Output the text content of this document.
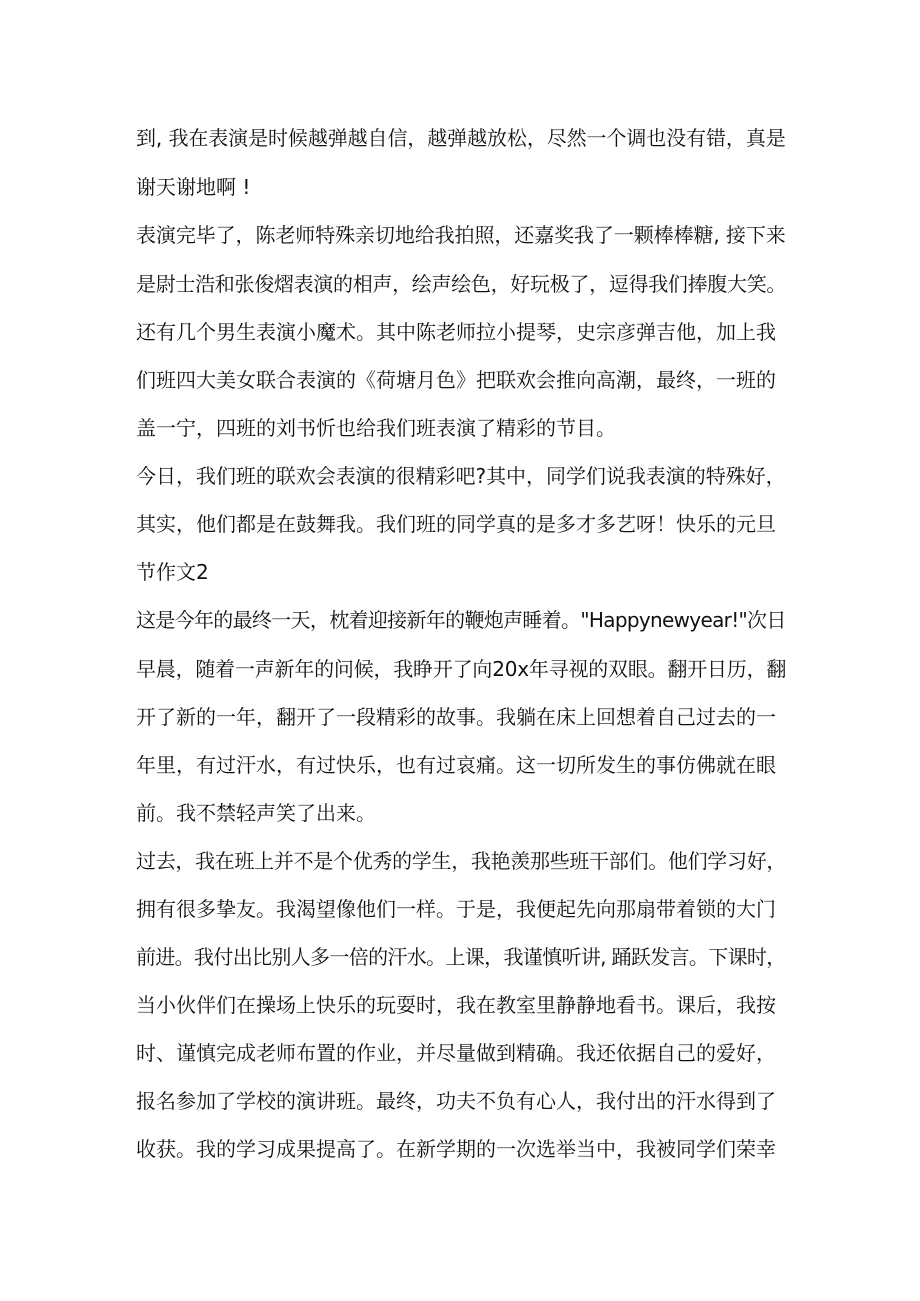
到, 我在表演是时候越弹越自信，越弹越放松，尽然一个调也没有错，真是

谢天谢地啊 !

表演完毕了，陈老师特殊亲切地给我拍照，还嘉奖我了一颗棒棒糖, 接下来

是尉士浩和张俊熠表演的相声，绘声绘色，好玩极了，逗得我们捧腹大笑。

还有几个男生表演小魔术。其中陈老师拉小提琴，史宗彦弹吉他，加上我

们班四大美女联合表演的《荷塘月色》把联欢会推向高潮，最终，一班的

盖一宁，四班的刘书忻也给我们班表演了精彩的节目。

今日，我们班的联欢会表演的很精彩吧?其中，同学们说我表演的特殊好，

其实，他们都是在鼓舞我。我们班的同学真的是多才多艺呀！快乐的元旦

节作文2

这是今年的最终一天，枕着迎接新年的鞭炮声睡着。"Happynewyear!"次日

早晨，随着一声新年的问候，我睁开了向20x年寻视的双眼。翻开日历，翻

开了新的一年，翻开了一段精彩的故事。我躺在床上回想着自己过去的一

年里，有过汗水，有过快乐，也有过哀痛。这一切所发生的事仿佛就在眼

前。我不禁轻声笑了出来。

过去，我在班上并不是个优秀的学生，我艳羡那些班干部们。他们学习好，

拥有很多挚友。我渴望像他们一样。于是，我便起先向那扇带着锁的大门

前进。我付出比别人多一倍的汗水。上课，我谨慎听讲, 踊跃发言。下课时，

当小伙伴们在操场上快乐的玩耍时，我在教室里静静地看书。课后，我按

时、谨慎完成老师布置的作业，并尽量做到精确。我还依据自己的爱好，

报名参加了学校的演讲班。最终，功夫不负有心人，我付出的汗水得到了

收获。我的学习成果提高了。在新学期的一次选举当中，我被同学们荣幸
